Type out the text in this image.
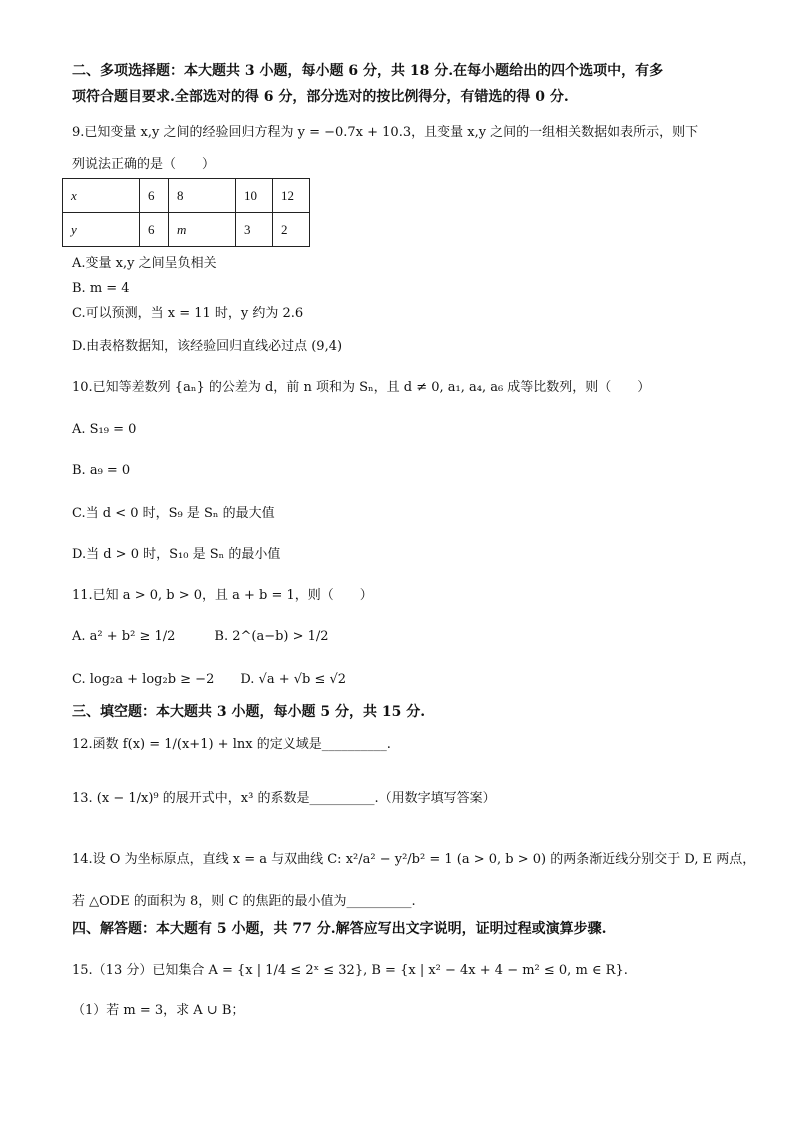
二、多项选择题：本大题共 3 小题，每小题 6 分，共 18 分.在每小题给出的四个选项中，有多
项符合题目要求.全部选对的得 6 分，部分选对的按比例得分，有错选的得 0 分.
9.已知变量 x,y 之间的经验回归方程为 y = −0.7x + 10.3，且变量 x,y 之间的一组相关数据如表所示，则下
列说法正确的是（　　）
x	6	8	10	12
y	6	m	3	2
A.变量 x,y 之间呈负相关
B. m = 4
C.可以预测，当 x = 11 时，y 约为 2.6
D.由表格数据知，该经验回归直线必过点 (9,4)
10.已知等差数列 {aₙ} 的公差为 d，前 n 项和为 Sₙ，且 d ≠ 0, a₁, a₄, a₆ 成等比数列，则（　　）
A. S₁₉ = 0
B. a₉ = 0
C.当 d < 0 时，S₉ 是 Sₙ 的最大值
D.当 d > 0 时，S₁₀ 是 Sₙ 的最小值
11.已知 a > 0, b > 0，且 a + b = 1，则（　　）
A. a² + b² ≥ 1/2　　　B. 2^(a−b) > 1/2
C. log₂a + log₂b ≥ −2　　D. √a + √b ≤ √2
三、填空题：本大题共 3 小题，每小题 5 分，共 15 分.
12.函数 f(x) = 1/(x+1) + lnx 的定义域是__________.
13. (x − 1/x)⁹ 的展开式中，x³ 的系数是__________.（用数字填写答案）
14.设 O 为坐标原点，直线 x = a 与双曲线 C: x²/a² − y²/b² = 1 (a > 0, b > 0) 的两条渐近线分别交于 D, E 两点，
若 △ODE 的面积为 8，则 C 的焦距的最小值为__________.
四、解答题：本大题有 5 小题，共 77 分.解答应写出文字说明，证明过程或演算步骤.
15.（13 分）已知集合 A = {x | 1/4 ≤ 2ˣ ≤ 32}, B = {x | x² − 4x + 4 − m² ≤ 0, m ∈ R}.
（1）若 m = 3，求 A ∪ B；
